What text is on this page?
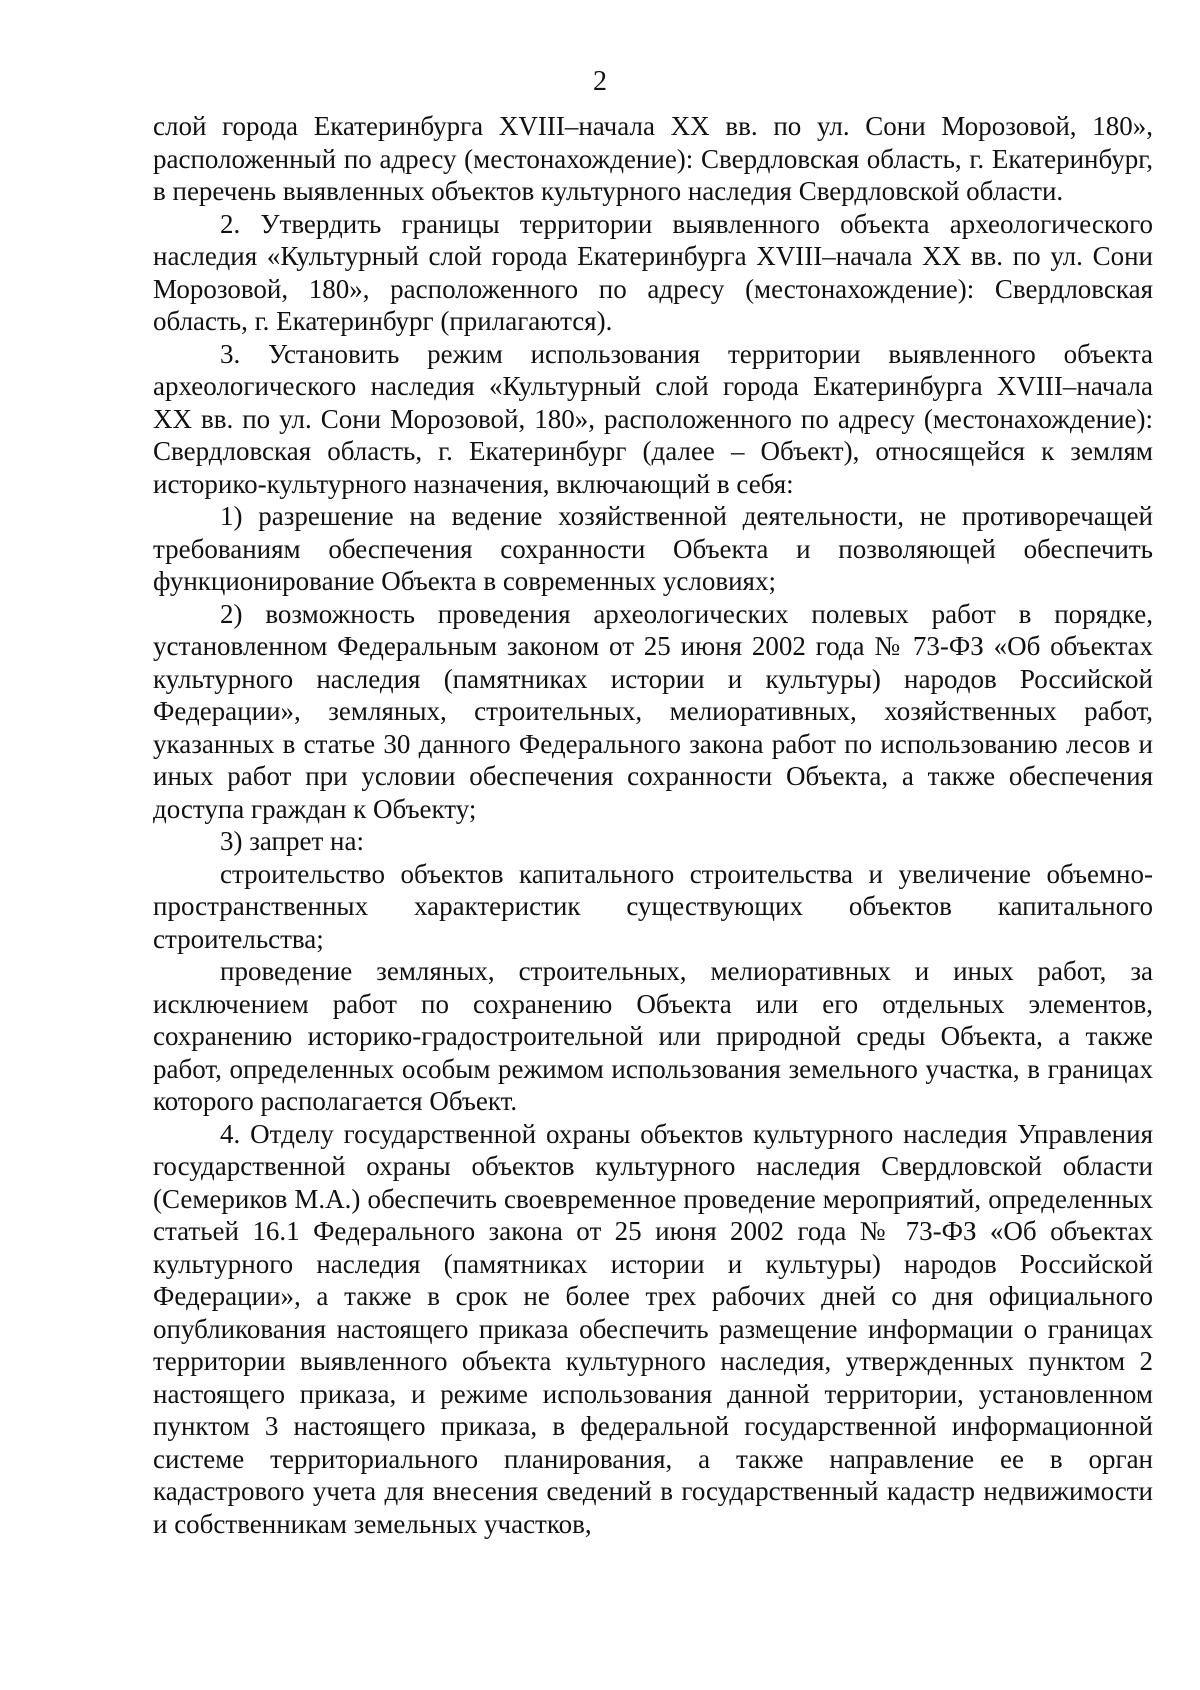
2

слой города Екатеринбурга XVIII–начала XX вв. по ул. Сони Морозовой, 180», расположенный по адресу (местонахождение): Свердловская область, г. Екатеринбург, в перечень выявленных объектов культурного наследия Свердловской области.

2. Утвердить границы территории выявленного объекта археологического наследия «Культурный слой города Екатеринбурга XVIII–начала XX вв. по ул. Сони Морозовой, 180», расположенного по адресу (местонахождение): Свердловская область, г. Екатеринбург (прилагаются).

3. Установить режим использования территории выявленного объекта археологического наследия «Культурный слой города Екатеринбурга XVIII–начала XX вв. по ул. Сони Морозовой, 180», расположенного по адресу (местонахождение): Свердловская область, г. Екатеринбург (далее – Объект), относящейся к землям историко-культурного назначения, включающий в себя:

1) разрешение на ведение хозяйственной деятельности, не противоречащей требованиям обеспечения сохранности Объекта и позволяющей обеспечить функционирование Объекта в современных условиях;

2) возможность проведения археологических полевых работ в порядке, установленном Федеральным законом от 25 июня 2002 года № 73-ФЗ «Об объектах культурного наследия (памятниках истории и культуры) народов Российской Федерации», земляных, строительных, мелиоративных, хозяйственных работ, указанных в статье 30 данного Федерального закона работ по использованию лесов и иных работ при условии обеспечения сохранности Объекта, а также обеспечения доступа граждан к Объекту;

3) запрет на:

строительство объектов капитального строительства и увеличение объемно-пространственных характеристик существующих объектов капитального строительства;

проведение земляных, строительных, мелиоративных и иных работ, за исключением работ по сохранению Объекта или его отдельных элементов, сохранению историко-градостроительной или природной среды Объекта, а также работ, определенных особым режимом использования земельного участка, в границах которого располагается Объект.

4. Отделу государственной охраны объектов культурного наследия Управления государственной охраны объектов культурного наследия Свердловской области (Семериков М.А.) обеспечить своевременное проведение мероприятий, определенных статьей 16.1 Федерального закона от 25 июня 2002 года № 73-ФЗ «Об объектах культурного наследия (памятниках истории и культуры) народов Российской Федерации», а также в срок не более трех рабочих дней со дня официального опубликования настоящего приказа обеспечить размещение информации о границах территории выявленного объекта культурного наследия, утвержденных пунктом 2 настоящего приказа, и режиме использования данной территории, установленном пунктом 3 настоящего приказа, в федеральной государственной информационной системе территориального планирования, а также направление ее в орган кадастрового учета для внесения сведений в государственный кадастр недвижимости и собственникам земельных участков,
